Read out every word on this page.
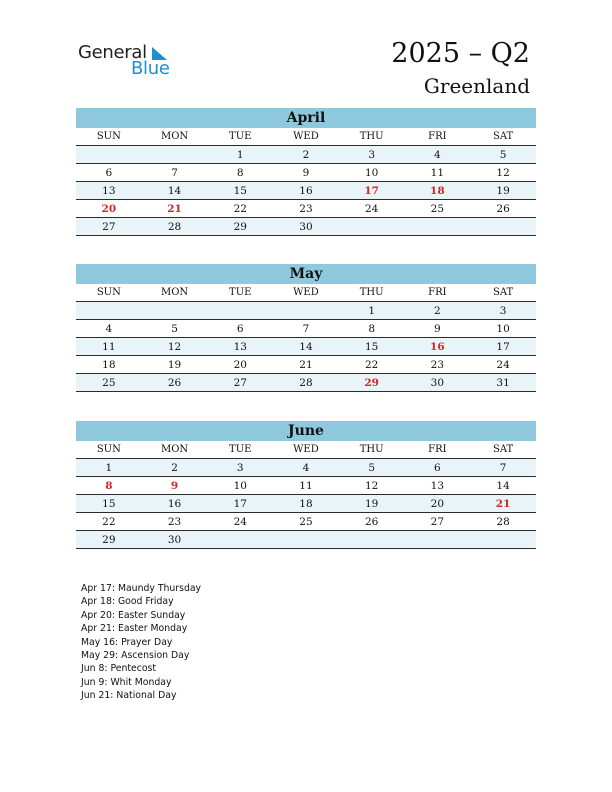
General
Blue	2025 – Q2
Greenland
April
SUN	MON	TUE	WED	THU	FRI	SAT
		1	2	3	4	5
6	7	8	9	10	11	12
13	14	15	16	17	18	19
20	21	22	23	24	25	26
27	28	29	30			
May
SUN	MON	TUE	WED	THU	FRI	SAT
				1	2	3
4	5	6	7	8	9	10
11	12	13	14	15	16	17
18	19	20	21	22	23	24
25	26	27	28	29	30	31
June
SUN	MON	TUE	WED	THU	FRI	SAT
1	2	3	4	5	6	7
8	9	10	11	12	13	14
15	16	17	18	19	20	21
22	23	24	25	26	27	28
29	30					
Apr 17: Maundy Thursday
Apr 18: Good Friday
Apr 20: Easter Sunday
Apr 21: Easter Monday
May 16: Prayer Day
May 29: Ascension Day
Jun 8: Pentecost
Jun 9: Whit Monday
Jun 21: National Day
